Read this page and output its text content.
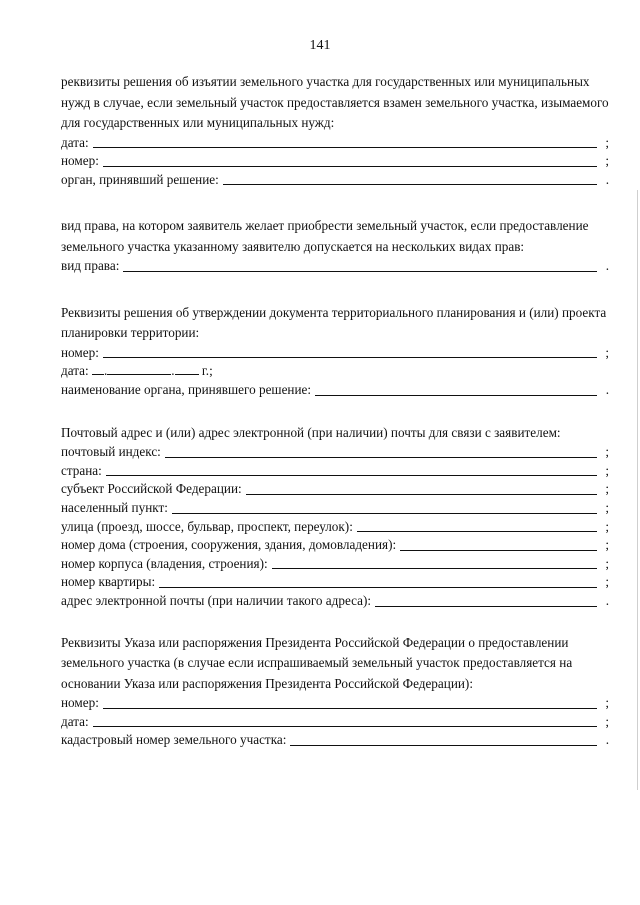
141
реквизиты решения об изъятии земельного участка для государственных или муниципальных нужд в случае, если земельный участок предоставляется взамен земельного участка, изымаемого для государственных или муниципальных нужд:
дата:	;
номер:	;
орган, принявший решение:	.
вид права, на котором заявитель желает приобрести земельный участок, если предоставление земельного участка указанному заявителю допускается на нескольких видах прав:
вид права:	.
Реквизиты решения об утверждении документа территориального планирования и (или) проекта планировки территории:
номер:	;
дата: .	. г.;
наименование органа, принявшего решение:	.
Почтовый адрес и (или) адрес электронной (при наличии) почты для связи с заявителем:
почтовый индекс:	;
страна:	;
субъект Российской Федерации:	;
населенный пункт:	;
улица (проезд, шоссе, бульвар, проспект, переулок):	;
номер дома (строения, сооружения, здания, домовладения):	;
номер корпуса (владения, строения):	;
номер квартиры:	;
адрес электронной почты (при наличии такого адреса):	.
Реквизиты Указа или распоряжения Президента Российской Федерации о предоставлении земельного участка (в случае если испрашиваемый земельный участок предоставляется на основании Указа или распоряжения Президента Российской Федерации):
номер:	;
дата:	;
кадастровый номер земельного участка:	.
